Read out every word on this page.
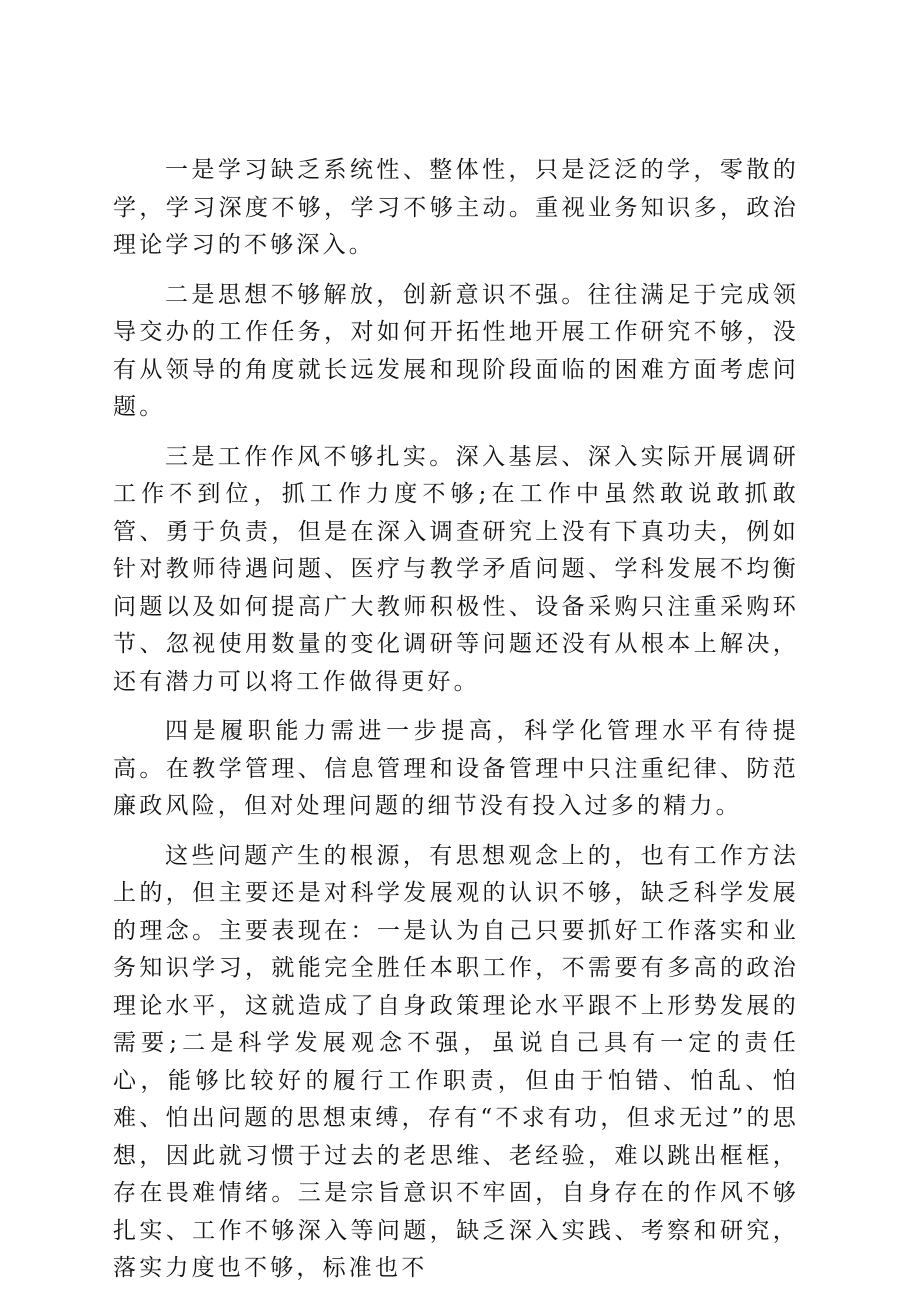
一是学习缺乏系统性、整体性，只是泛泛的学，零散的学，学习深度不够，学习不够主动。重视业务知识多，政治理论学习的不够深入。

二是思想不够解放，创新意识不强。往往满足于完成领导交办的工作任务，对如何开拓性地开展工作研究不够，没有从领导的角度就长远发展和现阶段面临的困难方面考虑问题。

三是工作作风不够扎实。深入基层、深入实际开展调研工作不到位，抓工作力度不够;在工作中虽然敢说敢抓敢管、勇于负责，但是在深入调查研究上没有下真功夫，例如针对教师待遇问题、医疗与教学矛盾问题、学科发展不均衡问题以及如何提高广大教师积极性、设备采购只注重采购环节、忽视使用数量的变化调研等问题还没有从根本上解决，还有潜力可以将工作做得更好。

四是履职能力需进一步提高，科学化管理水平有待提高。在教学管理、信息管理和设备管理中只注重纪律、防范廉政风险，但对处理问题的细节没有投入过多的精力。

这些问题产生的根源，有思想观念上的，也有工作方法上的，但主要还是对科学发展观的认识不够，缺乏科学发展的理念。主要表现在：一是认为自己只要抓好工作落实和业务知识学习，就能完全胜任本职工作，不需要有多高的政治理论水平，这就造成了自身政策理论水平跟不上形势发展的需要;二是科学发展观念不强，虽说自己具有一定的责任心，能够比较好的履行工作职责，但由于怕错、怕乱、怕难、怕出问题的思想束缚，存有“不求有功，但求无过”的思想，因此就习惯于过去的老思维、老经验，难以跳出框框，存在畏难情绪。三是宗旨意识不牢固，自身存在的作风不够扎实、工作不够深入等问题，缺乏深入实践、考察和研究，落实力度也不够，标准也不
